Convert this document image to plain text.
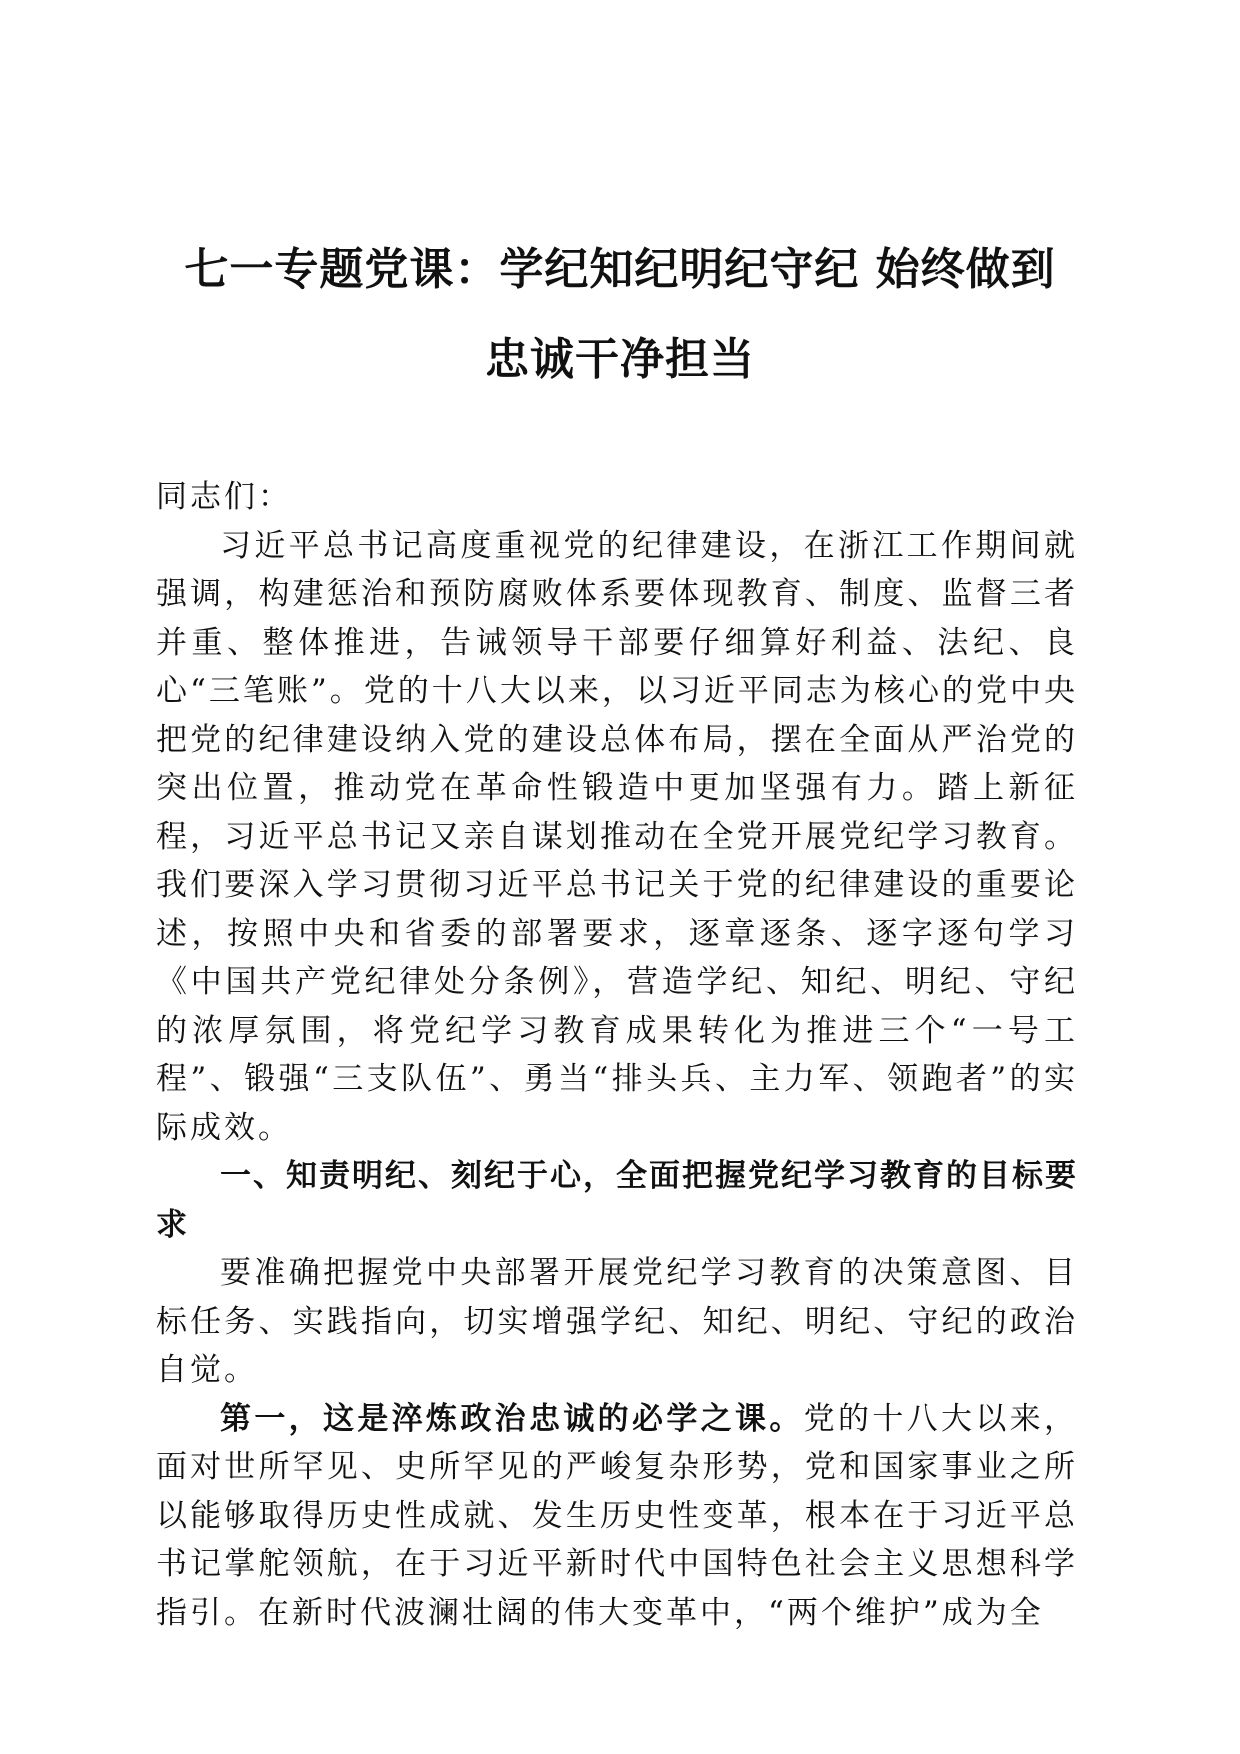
七一专题党课：学纪知纪明纪守纪 始终做到
忠诚干净担当

同志们：

习近平总书记高度重视党的纪律建设，在浙江工作期间就强调，构建惩治和预防腐败体系要体现教育、制度、监督三者并重、整体推进，告诫领导干部要仔细算好利益、法纪、良心“三笔账”。党的十八大以来，以习近平同志为核心的党中央把党的纪律建设纳入党的建设总体布局，摆在全面从严治党的突出位置，推动党在革命性锻造中更加坚强有力。踏上新征程，习近平总书记又亲自谋划推动在全党开展党纪学习教育。我们要深入学习贯彻习近平总书记关于党的纪律建设的重要论述，按照中央和省委的部署要求，逐章逐条、逐字逐句学习《中国共产党纪律处分条例》，营造学纪、知纪、明纪、守纪的浓厚氛围，将党纪学习教育成果转化为推进三个“一号工程”、锻强“三支队伍”、勇当“排头兵、主力军、领跑者”的实际成效。

一、知责明纪、刻纪于心，全面把握党纪学习教育的目标要求

要准确把握党中央部署开展党纪学习教育的决策意图、目标任务、实践指向，切实增强学纪、知纪、明纪、守纪的政治自觉。

第一，这是淬炼政治忠诚的必学之课。党的十八大以来，面对世所罕见、史所罕见的严峻复杂形势，党和国家事业之所以能够取得历史性成就、发生历史性变革，根本在于习近平总书记掌舵领航，在于习近平新时代中国特色社会主义思想科学指引。在新时代波澜壮阔的伟大变革中，“两个维护”成为全
